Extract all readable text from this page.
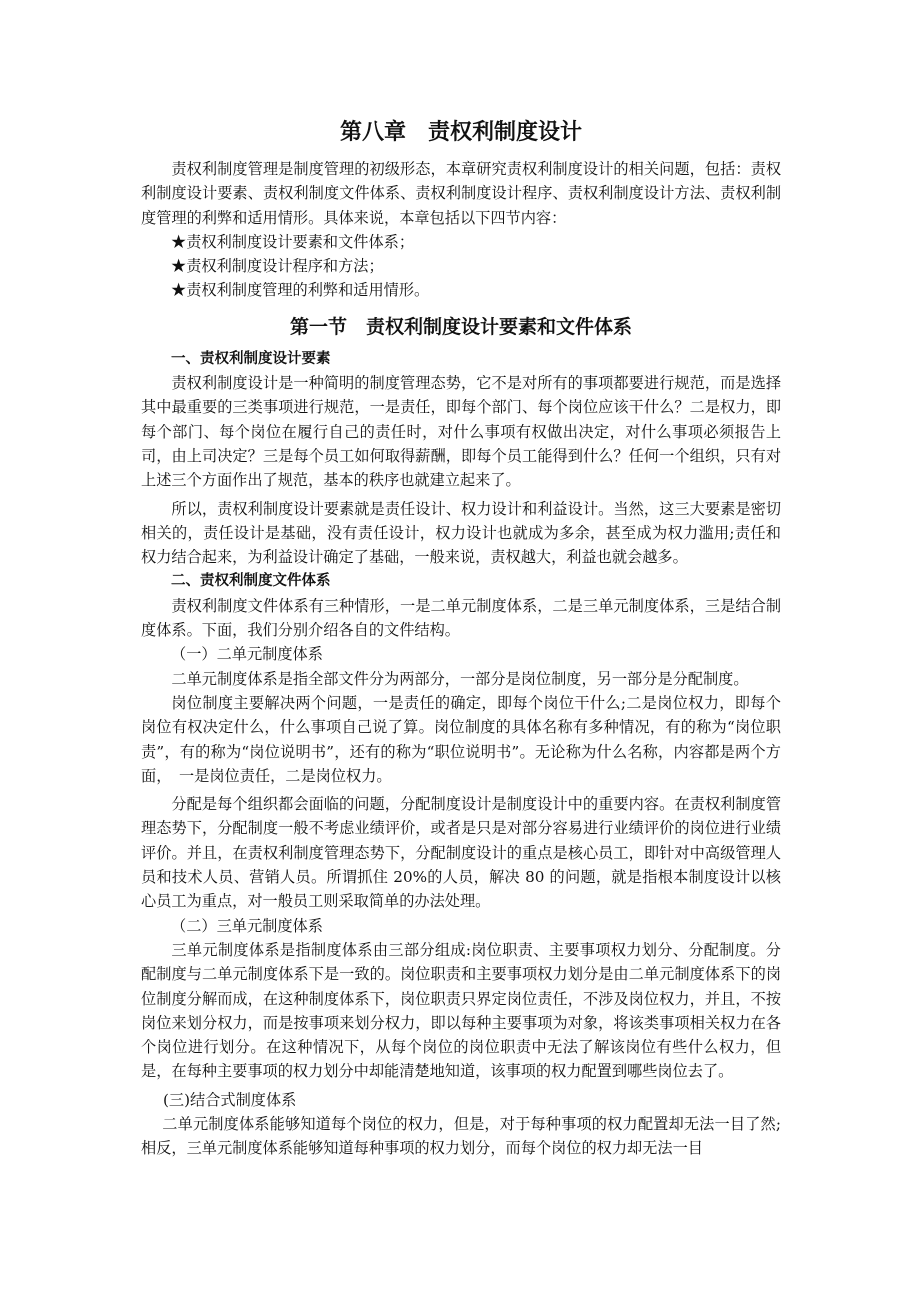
第八章　责权利制度设计

责权利制度管理是制度管理的初级形态，本章研究责权利制度设计的相关问题，包括：责权利制度设计要素、责权利制度文件体系、责权利制度设计程序、责权利制度设计方法、责权利制度管理的利弊和适用情形。具体来说，本章包括以下四节内容：

★责权利制度设计要素和文件体系；

★责权利制度设计程序和方法；

★责权利制度管理的利弊和适用情形。

第一节　责权利制度设计要素和文件体系

一、责权利制度设计要素

责权利制度设计是一种简明的制度管理态势，它不是对所有的事项都要进行规范，而是选择其中最重要的三类事项进行规范，一是责任，即每个部门、每个岗位应该干什么？二是权力，即每个部门、每个岗位在履行自己的责任时，对什么事项有权做出决定，对什么事项必须报告上司，由上司决定？三是每个员工如何取得薪酬，即每个员工能得到什么？任何一个组织，只有对上述三个方面作出了规范，基本的秩序也就建立起来了。

所以，责权利制度设计要素就是责任设计、权力设计和利益设计。当然，这三大要素是密切相关的，责任设计是基础，没有责任设计，权力设计也就成为多余，甚至成为权力滥用;责任和权力结合起来，为利益设计确定了基础，一般来说，责权越大，利益也就会越多。

二、责权利制度文件体系

责权利制度文件体系有三种情形，一是二单元制度体系，二是三单元制度体系，三是结合制度体系。下面，我们分别介绍各自的文件结构。

（一）二单元制度体系

二单元制度体系是指全部文件分为两部分，一部分是岗位制度，另一部分是分配制度。

岗位制度主要解决两个问题，一是责任的确定，即每个岗位干什么;二是岗位权力，即每个岗位有权决定什么，什么事项自己说了算。岗位制度的具体名称有多种情况，有的称为“岗位职责”，有的称为“岗位说明书”，还有的称为“职位说明书”。无论称为什么名称，内容都是两个方面，　一是岗位责任，二是岗位权力。

分配是每个组织都会面临的问题，分配制度设计是制度设计中的重要内容。在责权利制度管理态势下，分配制度一般不考虑业绩评价，或者是只是对部分容易进行业绩评价的岗位进行业绩评价。并且，在责权利制度管理态势下，分配制度设计的重点是核心员工，即针对中高级管理人员和技术人员、营销人员。所谓抓住 20%的人员，解决 80 的问题，就是指根本制度设计以核心员工为重点，对一般员工则采取简单的办法处理。

（二）三单元制度体系

三单元制度体系是指制度体系由三部分组成:岗位职责、主要事项权力划分、分配制度。分配制度与二单元制度体系下是一致的。岗位职责和主要事项权力划分是由二单元制度体系下的岗位制度分解而成，在这种制度体系下，岗位职责只界定岗位责任，不涉及岗位权力，并且，不按岗位来划分权力，而是按事项来划分权力，即以每种主要事项为对象，将该类事项相关权力在各个岗位进行划分。在这种情况下，从每个岗位的岗位职责中无法了解该岗位有些什么权力，但是，在每种主要事项的权力划分中却能清楚地知道，该事项的权力配置到哪些岗位去了。

(三)结合式制度体系

二单元制度体系能够知道每个岗位的权力，但是，对于每种事项的权力配置却无法一目了然;相反，三单元制度体系能够知道每种事项的权力划分，而每个岗位的权力却无法一目
